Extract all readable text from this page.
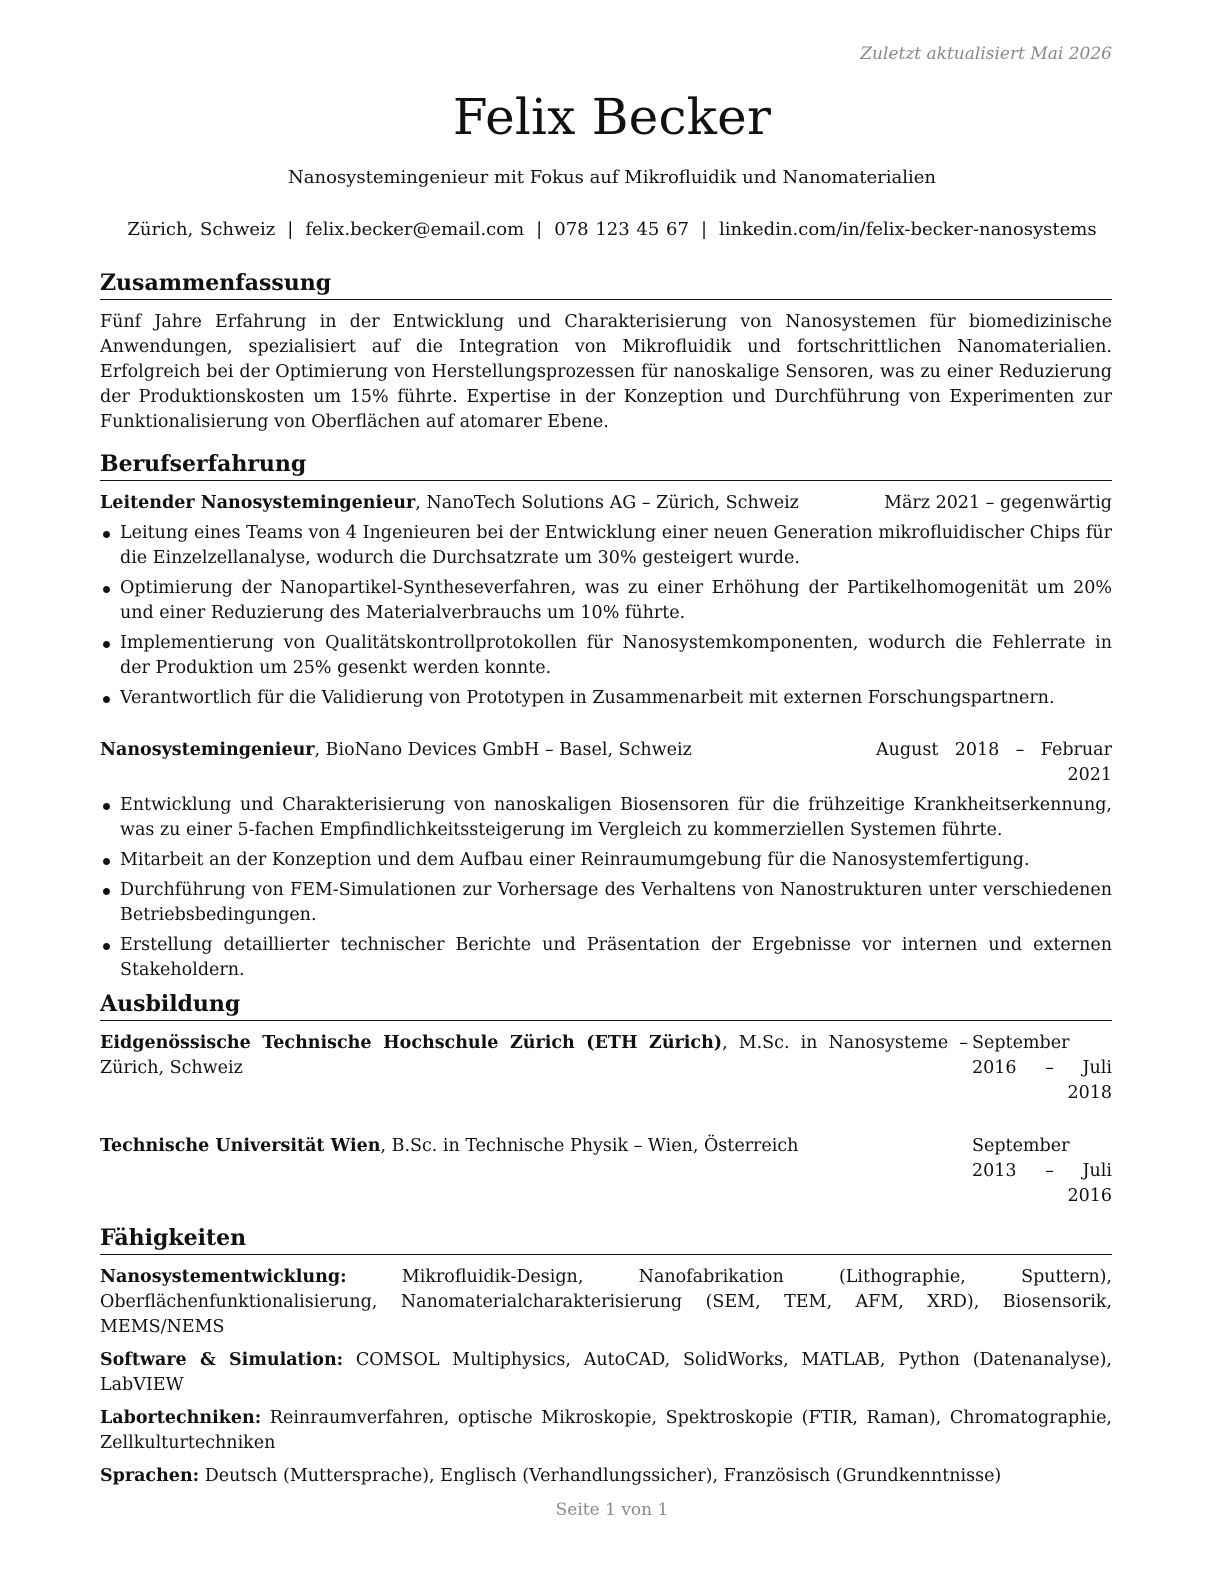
Zuletzt aktualisiert Mai 2026
Felix Becker
Nanosystemingenieur mit Fokus auf Mikrofluidik und Nanomaterialien
Zürich, Schweiz | felix.becker@email.com | 078 123 45 67 | linkedin.com/in/felix-becker-nanosystems
Zusammenfassung
Fünf Jahre Erfahrung in der Entwicklung und Charakterisierung von Nanosystemen für biomedizinische Anwendungen, spezialisiert auf die Integration von Mikrofluidik und fortschrittlichen Nanomaterialien. Erfolgreich bei der Optimierung von Herstellungsprozessen für nanoskalige Sensoren, was zu einer Reduzierung der Produktionskosten um 15% führte. Expertise in der Konzeption und Durchführung von Experimenten zur Funktionalisierung von Oberflächen auf atomarer Ebene.
Berufserfahrung
Leitender Nanosystemingenieur, NanoTech Solutions AG – Zürich, Schweiz	März 2021 – gegenwärtig
Leitung eines Teams von 4 Ingenieuren bei der Entwicklung einer neuen Generation mikrofluidischer Chips für die Einzelzellanalyse, wodurch die Durchsatzrate um 30% gesteigert wurde.
Optimierung der Nanopartikel-Syntheseverfahren, was zu einer Erhöhung der Partikelhomogenität um 20% und einer Reduzierung des Materialverbrauchs um 10% führte.
Implementierung von Qualitätskontrollprotokollen für Nanosystemkomponenten, wodurch die Fehlerrate in der Produktion um 25% gesenkt werden konnte.
Verantwortlich für die Validierung von Prototypen in Zusammenarbeit mit externen Forschungspartnern.
Nanosystemingenieur, BioNano Devices GmbH – Basel, Schweiz	August 2018 – Februar 2021
Entwicklung und Charakterisierung von nanoskaligen Biosensoren für die frühzeitige Krankheitserkennung, was zu einer 5-fachen Empfindlichkeitssteigerung im Vergleich zu kommerziellen Systemen führte.
Mitarbeit an der Konzeption und dem Aufbau einer Reinraumumgebung für die Nanosystemfertigung.
Durchführung von FEM-Simulationen zur Vorhersage des Verhaltens von Nanostrukturen unter verschiedenen Betriebsbedingungen.
Erstellung detaillierter technischer Berichte und Präsentation der Ergebnisse vor internen und externen Stakeholdern.
Ausbildung
Eidgenössische Technische Hochschule Zürich (ETH Zürich), M.Sc. in Nanosysteme – Zürich, Schweiz
September 2016 – Juli 2018
Technische Universität Wien, B.Sc. in Technische Physik – Wien, Österreich	September 2013 – Juli 2016
Fähigkeiten
Nanosystementwicklung: Mikrofluidik-Design, Nanofabrikation (Lithographie, Sputtern), Oberflächenfunktionalisierung, Nanomaterialcharakterisierung (SEM, TEM, AFM, XRD), Biosensorik, MEMS/NEMS
Software & Simulation: COMSOL Multiphysics, AutoCAD, SolidWorks, MATLAB, Python (Datenanalyse), LabVIEW
Labortechniken: Reinraumverfahren, optische Mikroskopie, Spektroskopie (FTIR, Raman), Chromatographie, Zellkulturtechniken
Sprachen: Deutsch (Muttersprache), Englisch (Verhandlungssicher), Französisch (Grundkenntnisse)
Seite 1 von 1
